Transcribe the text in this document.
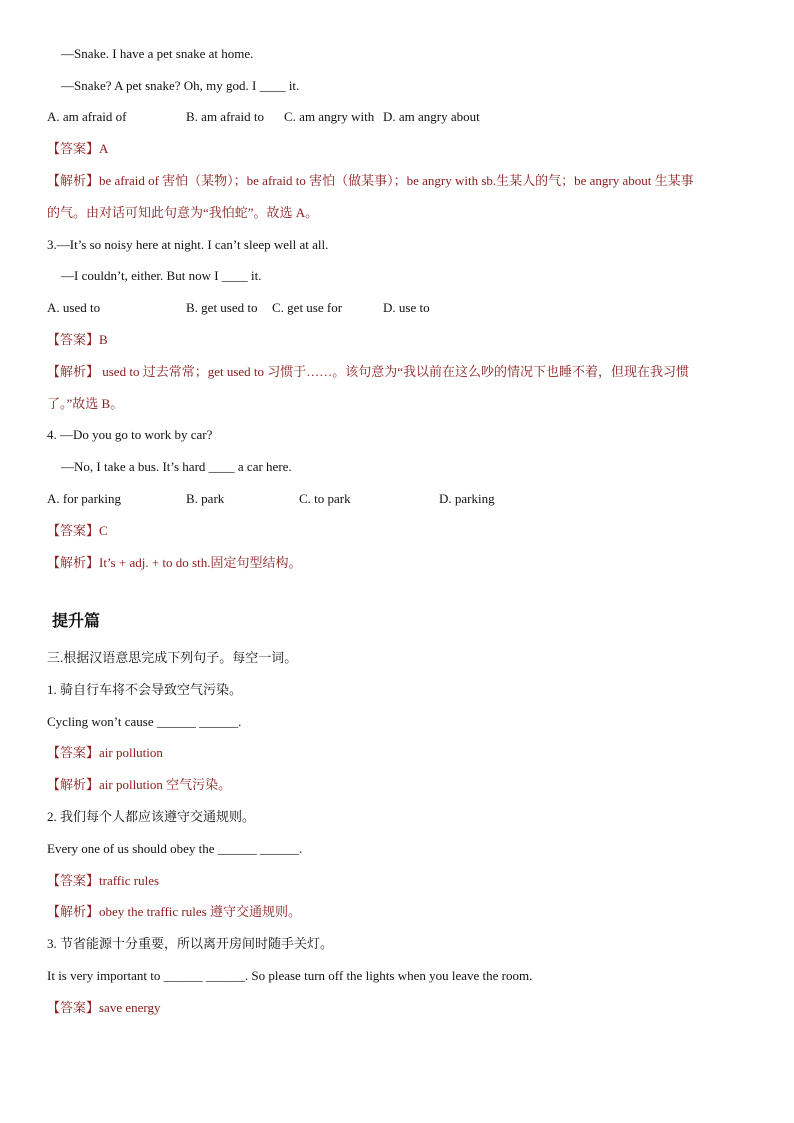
—Snake. I have a pet snake at home.
—Snake? A pet snake? Oh, my god. I ____ it.
A. am afraid of	B. am afraid to C. am angry with D. am angry about
【答案】A
【解析】be afraid of 害怕（某物）；be afraid to 害怕（做某事）；be angry with sb.生某人的气；be angry about 生某事
的气。由对话可知此句意为“我怕蛇”。故选 A。
3.—It’s so noisy here at night. I can’t sleep well at all.
—I couldn’t, either. But now I ____ it.
A. used to	B. get used to C. get use for	D. use to
【答案】B
【解析】 used to 过去常常；get used to 习惯于……。该句意为“我以前在这么吵的情况下也睡不着，但现在我习惯
了。”故选 B。
4. —Do you go to work by car?
—No, I take a bus. It’s hard ____ a car here.
A. for parking	B. park	C. to park	D. parking
【答案】C
【解析】It’s + adj. + to do sth.固定句型结构。
提升篇
三.根据汉语意思完成下列句子。每空一词。
1. 骑自行车将不会导致空气污染。
Cycling won’t cause ______ ______.
【答案】air pollution
【解析】air pollution 空气污染。
2. 我们每个人都应该遵守交通规则。
Every one of us should obey the ______ ______.
【答案】traffic rules
【解析】obey the traffic rules 遵守交通规则。
3. 节省能源十分重要，所以离开房间时随手关灯。
It is very important to ______ ______. So please turn off the lights when you leave the room.
【答案】save energy
